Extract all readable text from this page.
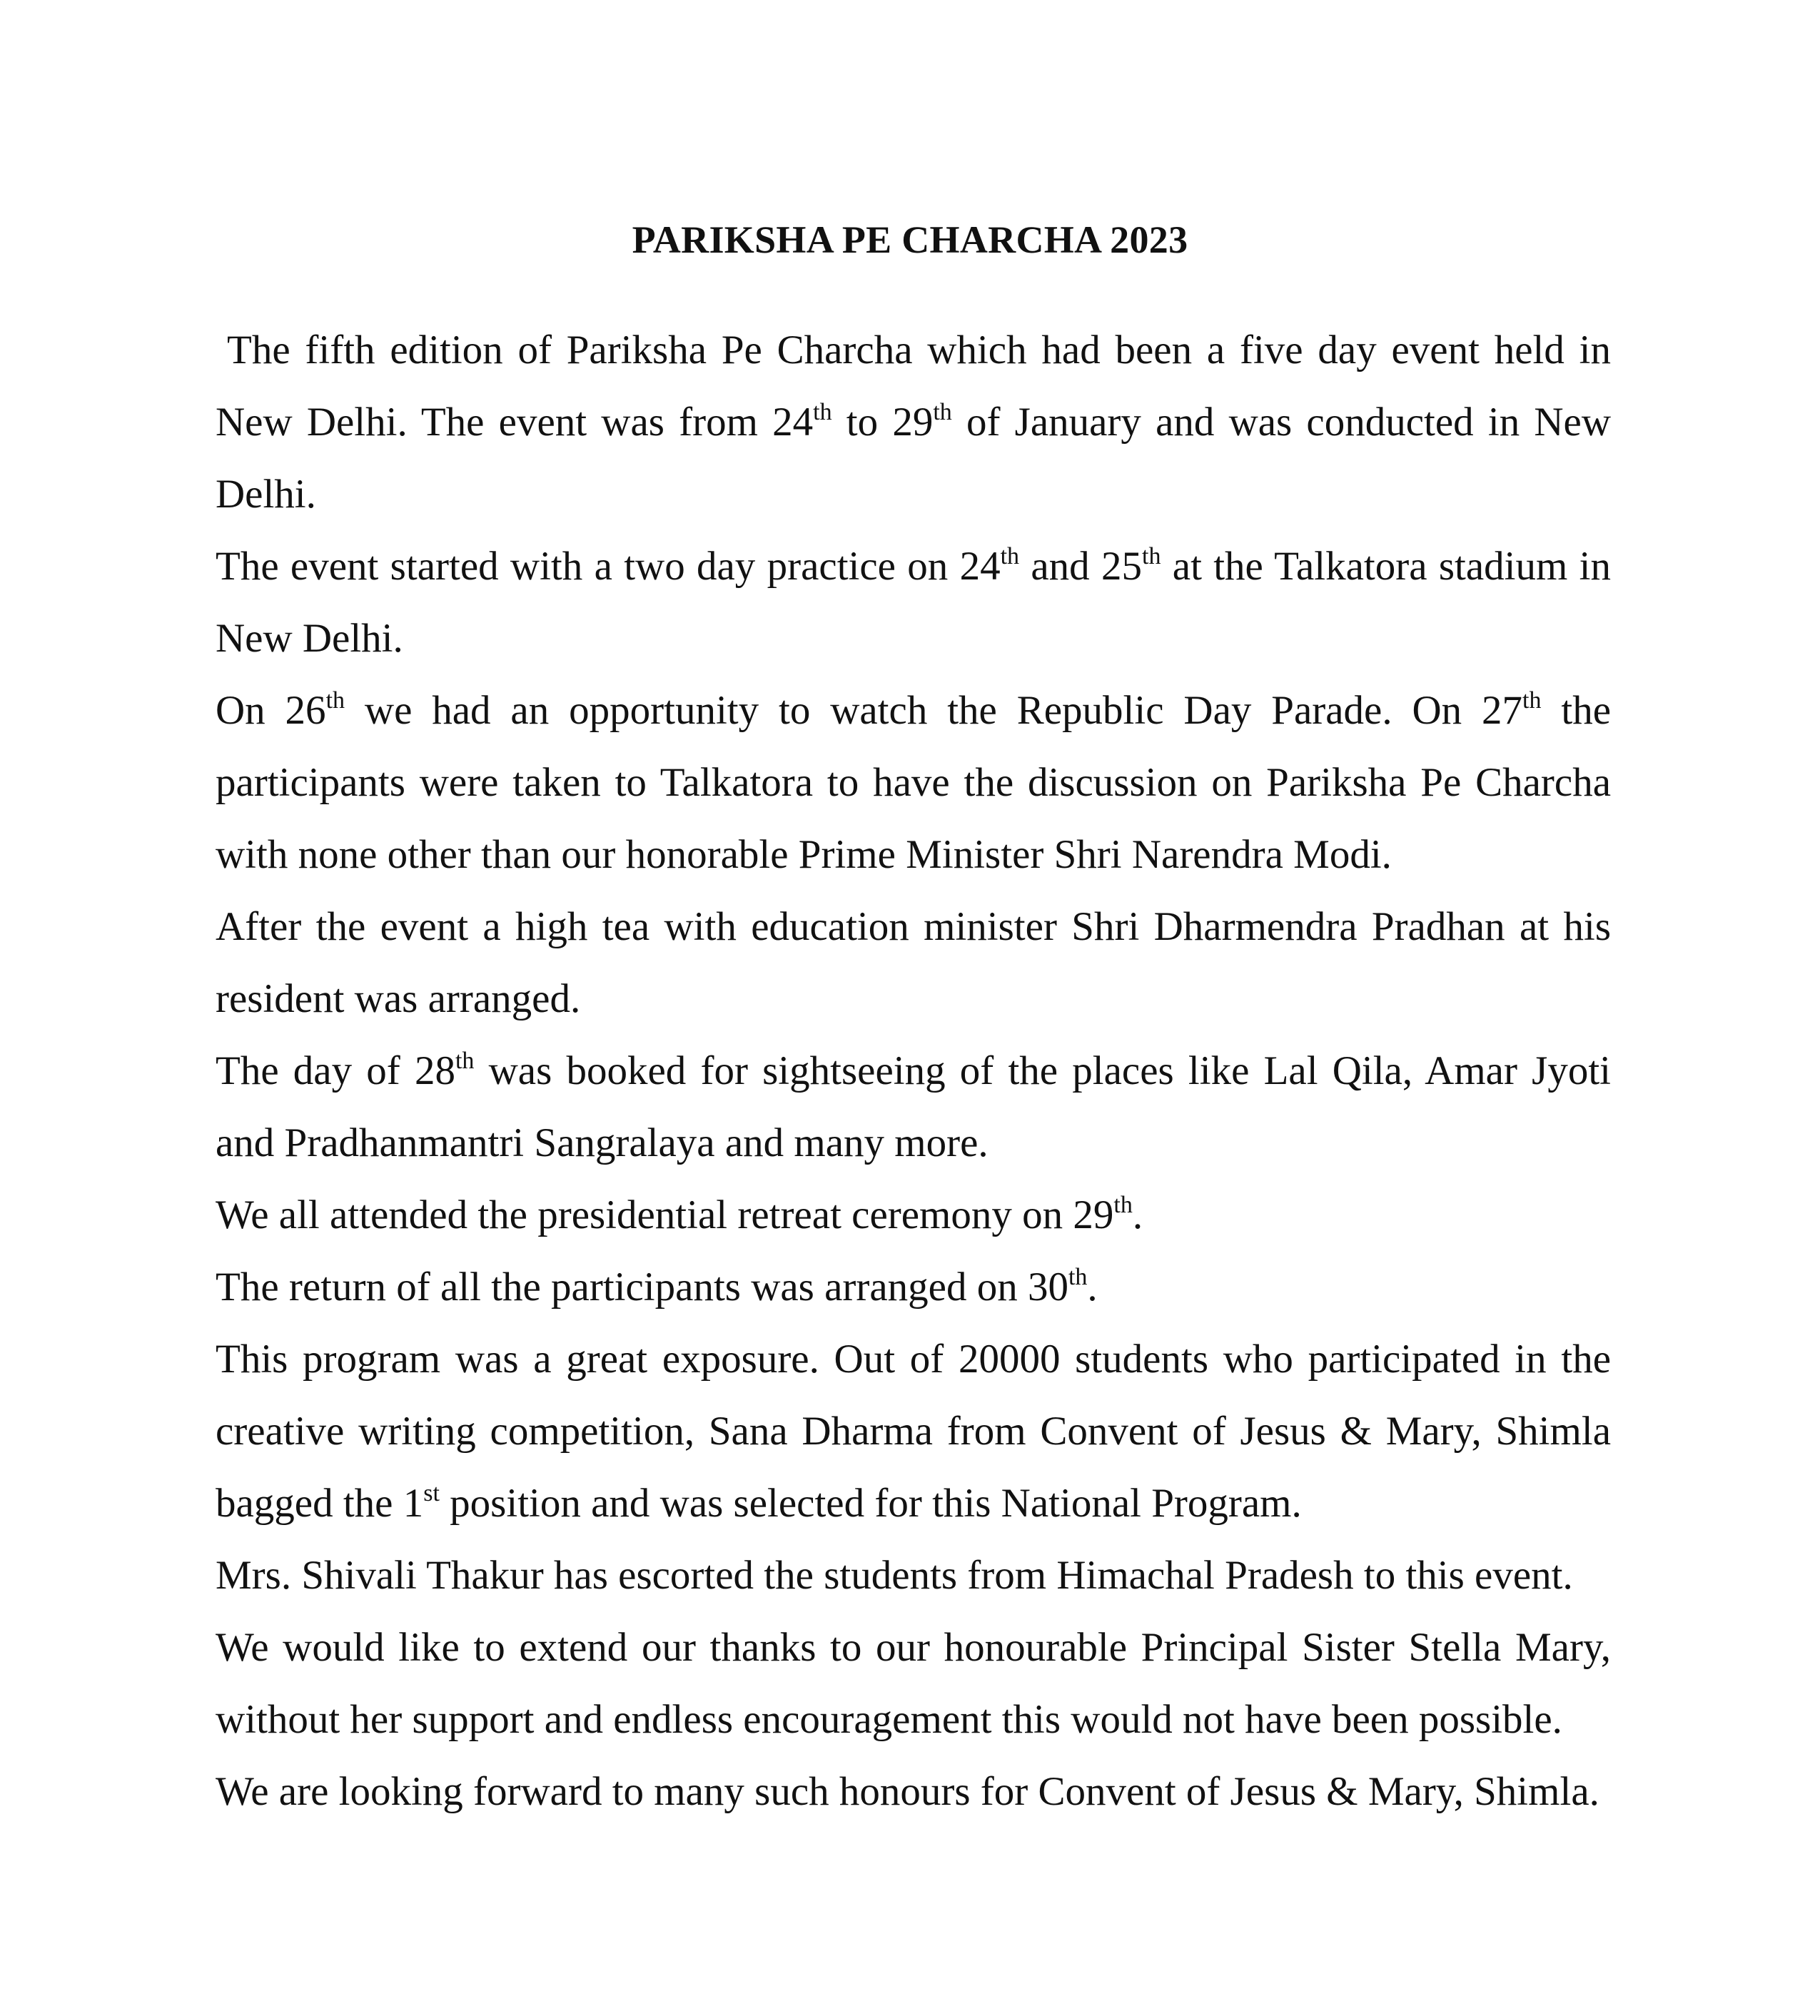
PARIKSHA PE CHARCHA 2023

The fifth edition of Pariksha Pe Charcha which had been a five day event held in New Delhi. The event was from 24th to 29th of January and was conducted in New Delhi.

The event started with a two day practice on 24th and 25th at the Talkatora stadium in New Delhi.

On 26th we had an opportunity to watch the Republic Day Parade. On 27th the participants were taken to Talkatora to have the discussion on Pariksha Pe Charcha with none other than our honorable Prime Minister Shri Narendra Modi.

After the event a high tea with education minister Shri Dharmendra Pradhan at his resident was arranged.

The day of 28th was booked for sightseeing of the places like Lal Qila, Amar Jyoti and Pradhanmantri Sangralaya and many more.

We all attended the presidential retreat ceremony on 29th.

The return of all the participants was arranged on 30th.

This program was a great exposure. Out of 20000 students who participated in the creative writing competition, Sana Dharma from Convent of Jesus & Mary, Shimla bagged the 1st position and was selected for this National Program.

Mrs. Shivali Thakur has escorted the students from Himachal Pradesh to this event.

We would like to extend our thanks to our honourable Principal Sister Stella Mary, without her support and endless encouragement this would not have been possible.

We are looking forward to many such honours for Convent of Jesus & Mary, Shimla.
